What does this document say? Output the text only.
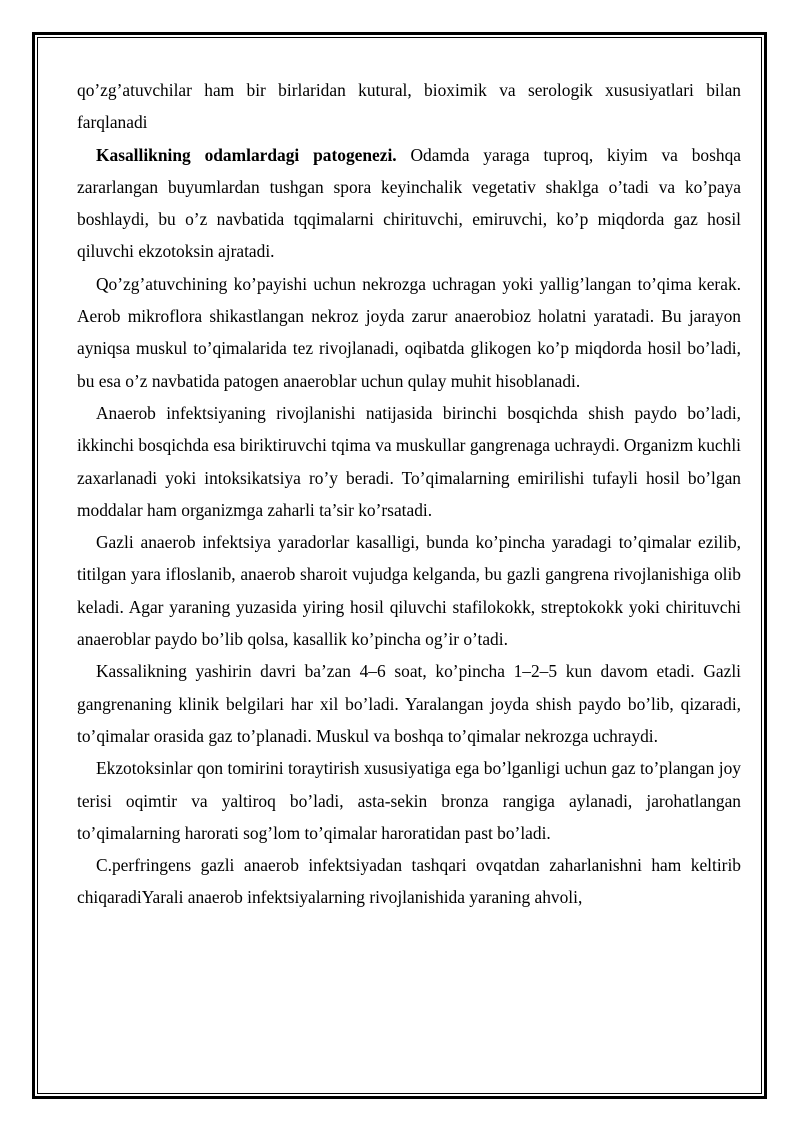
qo’zg’atuvchilar ham bir birlaridan kutural, bioximik va serologik xususiyatlari bilan farqlanadi

Kasallikning odamlardagi patogenezi. Odamda yaraga tuproq, kiyim va boshqa zararlangan buyumlardan tushgan spora keyinchalik vegetativ shaklga o’tadi va ko’paya boshlaydi, bu o’z navbatida tqqimalarni chirituvchi, emiruvchi, ko’p miqdorda gaz hosil qiluvchi ekzotoksin ajratadi.

Qo’zg’atuvchining ko’payishi uchun nekrozga uchragan yoki yallig’langan to’qima kerak. Aerob mikroflora shikastlangan nekroz joyda zarur anaerobioz holatni yaratadi. Bu jarayon ayniqsa muskul to’qimalarida tez rivojlanadi, oqibatda glikogen ko’p miqdorda hosil bo’ladi, bu esa o’z navbatida patogen anaeroblar uchun qulay muhit hisoblanadi.

Anaerob infektsiyaning rivojlanishi natijasida birinchi bosqichda shish paydo bo’ladi, ikkinchi bosqichda esa biriktiruvchi tqima va muskullar gangrenaga uchraydi. Organizm kuchli zaxarlanadi yoki intoksikatsiya ro’y beradi. To’qimalarning emirilishi tufayli hosil bo’lgan moddalar ham organizmga zaharli ta’sir ko’rsatadi.

Gazli anaerob infektsiya yaradorlar kasalligi, bunda ko’pincha yaradagi to’qimalar ezilib, titilgan yara ifloslanib, anaerob sharoit vujudga kelganda, bu gazli gangrena rivojlanishiga olib keladi. Agar yaraning yuzasida yiring hosil qiluvchi stafilokokk, streptokokk yoki chirituvchi anaeroblar paydo bo’lib qolsa, kasallik ko’pincha og’ir o’tadi.

Kassalikning yashirin davri ba’zan 4–6 soat, ko’pincha 1–2–5 kun davom etadi. Gazli gangrenaning klinik belgilari har xil bo’ladi. Yaralangan joyda shish paydo bo’lib, qizaradi, to’qimalar orasida gaz to’planadi. Muskul va boshqa to’qimalar nekrozga uchraydi.

Ekzotoksinlar qon tomirini toraytirish xususiyatiga ega bo’lganligi uchun gaz to’plangan joy terisi oqimtir va yaltiroq bo’ladi, asta-sekin bronza rangiga aylanadi, jarohatlangan to’qimalarning harorati sog’lom to’qimalar haroratidan past bo’ladi.

C.perfringens gazli anaerob infektsiyadan tashqari ovqatdan zaharlanishni ham keltirib chiqaradiYarali anaerob infektsiyalarning rivojlanishida yaraning ahvoli,
